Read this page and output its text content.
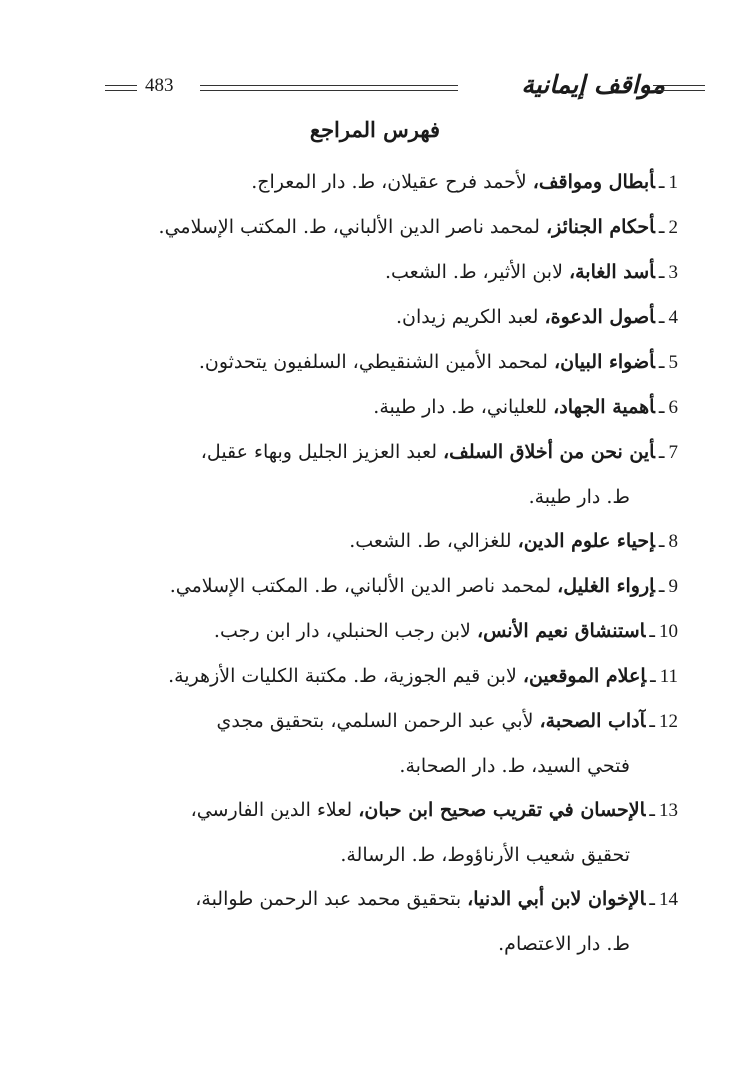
483	مواقف إيمانية
فهرس المراجع
1ـأبطال ومواقف، لأحمد فرح عقيلان، ط. دار المعراج.
2ـأحكام الجنائز، لمحمد ناصر الدين الألباني، ط. المكتب الإسلامي.
3ـأسد الغابة، لابن الأثير، ط. الشعب.
4ـأصول الدعوة، لعبد الكريم زيدان.
5ـأضواء البيان، لمحمد الأمين الشنقيطي، السلفيون يتحدثون.
6ـأهمية الجهاد، للعلياني، ط. دار طيبة.
7ـأين نحن من أخلاق السلف، لعبد العزيز الجليل وبهاء عقيل،
ط. دار طيبة.
8ـإحياء علوم الدين، للغزالي، ط. الشعب.
9ـإرواء الغليل، لمحمد ناصر الدين الألباني، ط. المكتب الإسلامي.
10ـاستنشاق نعيم الأنس، لابن رجب الحنبلي، دار ابن رجب.
11ـإعلام الموقعين، لابن قيم الجوزية، ط. مكتبة الكليات الأزهرية.
12ـآداب الصحبة، لأبي عبد الرحمن السلمي، بتحقيق مجدي
فتحي السيد، ط. دار الصحابة.
13ـالإحسان في تقريب صحيح ابن حبان، لعلاء الدين الفارسي،
تحقيق شعيب الأرناؤوط، ط. الرسالة.
14ـالإخوان لابن أبي الدنيا، بتحقيق محمد عبد الرحمن طوالبة،
ط. دار الاعتصام.
